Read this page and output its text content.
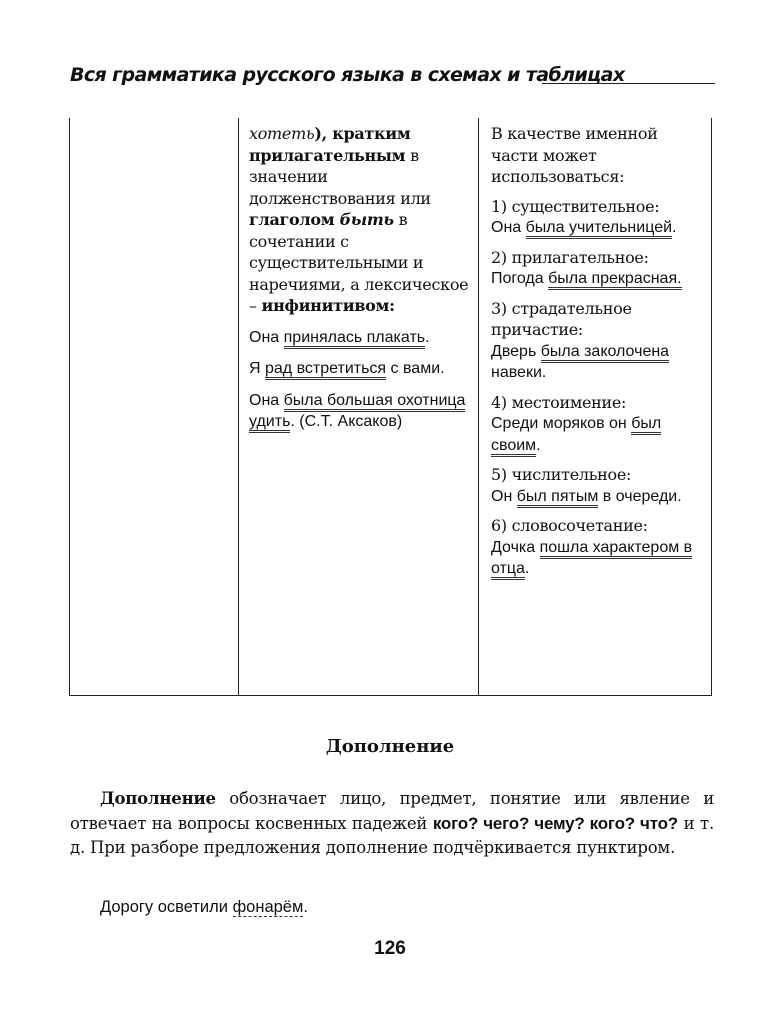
Вся грамматика русского языка в схемах и таблицах
хотеть), кратким прилагательным в значении долженствования или глаголом быть в сочетании с существительными и наречиями, а лексическое – инфинитивом:
Она принялась плакать.
Я рад встретиться с вами.
Она была большая охотница удить. (С.Т. Аксаков)
В качестве именной части может использоваться:
1) существительное:
Она была учительницей.
2) прилагательное:
Погода была прекрасная.
3) страдательное причастие:
Дверь была заколочена навеки.
4) местоимение:
Среди моряков он был своим.
5) числительное:
Он был пятым в очереди.
6) словосочетание:
Дочка пошла характером в отца.
Дополнение
Дополнение обозначает лицо, предмет, понятие или явление и отвечает на вопросы косвенных падежей кого? чего? чему? кого? что? и т. д. При разборе предложения дополнение подчёркивается пунктиром.
Дорогу осветили фонарём.
126
